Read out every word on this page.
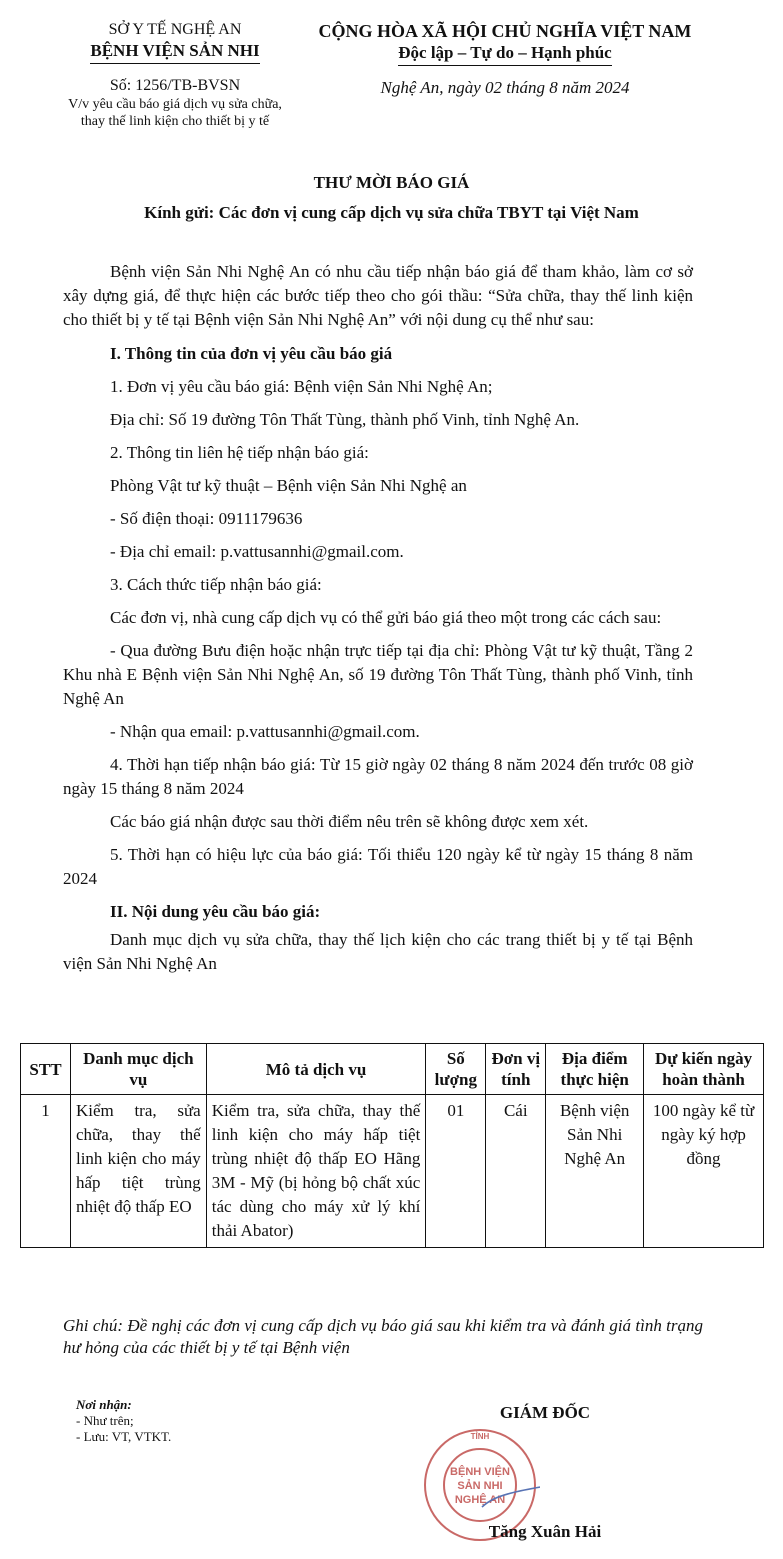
SỞ Y TẾ NGHỆ AN
BỆNH VIỆN SẢN NHI
Số: 1256/TB-BVSN
V/v yêu cầu báo giá dịch vụ sửa chữa,
thay thế linh kiện cho thiết bị y tế
CỘNG HÒA XÃ HỘI CHỦ NGHĨA VIỆT NAM
Độc lập – Tự do – Hạnh phúc
Nghệ An, ngày 02 tháng 8 năm 2024
THƯ MỜI BÁO GIÁ
Kính gửi: Các đơn vị cung cấp dịch vụ sửa chữa TBYT tại Việt Nam

Bệnh viện Sản Nhi Nghệ An có nhu cầu tiếp nhận báo giá để tham khảo, làm cơ sở xây dựng giá, để thực hiện các bước tiếp theo cho gói thầu: “Sửa chữa, thay thế linh kiện cho thiết bị y tế tại Bệnh viện Sản Nhi Nghệ An” với nội dung cụ thể như sau:

I. Thông tin của đơn vị yêu cầu báo giá

1. Đơn vị yêu cầu báo giá: Bệnh viện Sản Nhi Nghệ An;

Địa chỉ: Số 19 đường Tôn Thất Tùng, thành phố Vinh, tỉnh Nghệ An.

2. Thông tin liên hệ tiếp nhận báo giá:

Phòng Vật tư kỹ thuật – Bệnh viện Sản Nhi Nghệ an

- Số điện thoại: 0911179636

- Địa chỉ email: p.vattusannhi@gmail.com.

3. Cách thức tiếp nhận báo giá:

Các đơn vị, nhà cung cấp dịch vụ có thể gửi báo giá theo một trong các cách sau:

- Qua đường Bưu điện hoặc nhận trực tiếp tại địa chỉ: Phòng Vật tư kỹ thuật, Tầng 2 Khu nhà E Bệnh viện Sản Nhi Nghệ An, số 19 đường Tôn Thất Tùng, thành phố Vinh, tỉnh Nghệ An

- Nhận qua email: p.vattusannhi@gmail.com.

4. Thời hạn tiếp nhận báo giá: Từ 15 giờ ngày 02 tháng 8 năm 2024 đến trước 08 giờ ngày 15 tháng 8 năm 2024

Các báo giá nhận được sau thời điểm nêu trên sẽ không được xem xét.

5. Thời hạn có hiệu lực của báo giá: Tối thiểu 120 ngày kể từ ngày 15 tháng 8 năm 2024

II. Nội dung yêu cầu báo giá:

Danh mục dịch vụ sửa chữa, thay thế lịch kiện cho các trang thiết bị y tế tại Bệnh viện Sản Nhi Nghệ An

STT	Danh mục dịch vụ	Mô tả dịch vụ	Số lượng	Đơn vị tính	Địa điểm thực hiện	Dự kiến ngày hoàn thành
1	Kiểm tra, sửa chữa, thay thế linh kiện cho máy hấp tiệt trùng nhiệt độ thấp EO	Kiểm tra, sửa chữa, thay thế linh kiện cho máy hấp tiệt trùng nhiệt độ thấp EO Hãng 3M - Mỹ (bị hỏng bộ chất xúc tác dùng cho máy xử lý khí thải Abator)	01	Cái	Bệnh viện Sản Nhi Nghệ An	100 ngày kể từ ngày ký hợp đồng
Ghi chú: Đề nghị các đơn vị cung cấp dịch vụ báo giá sau khi kiểm tra và đánh giá tình trạng hư hỏng của các thiết bị y tế tại Bệnh viện
Nơi nhận:
- Như trên;
- Lưu: VT, VTKT.
GIÁM ĐỐC
BỆNH VIỆN
SẢN NHI
NGHỆ AN
TỈNH
Tăng Xuân Hải
